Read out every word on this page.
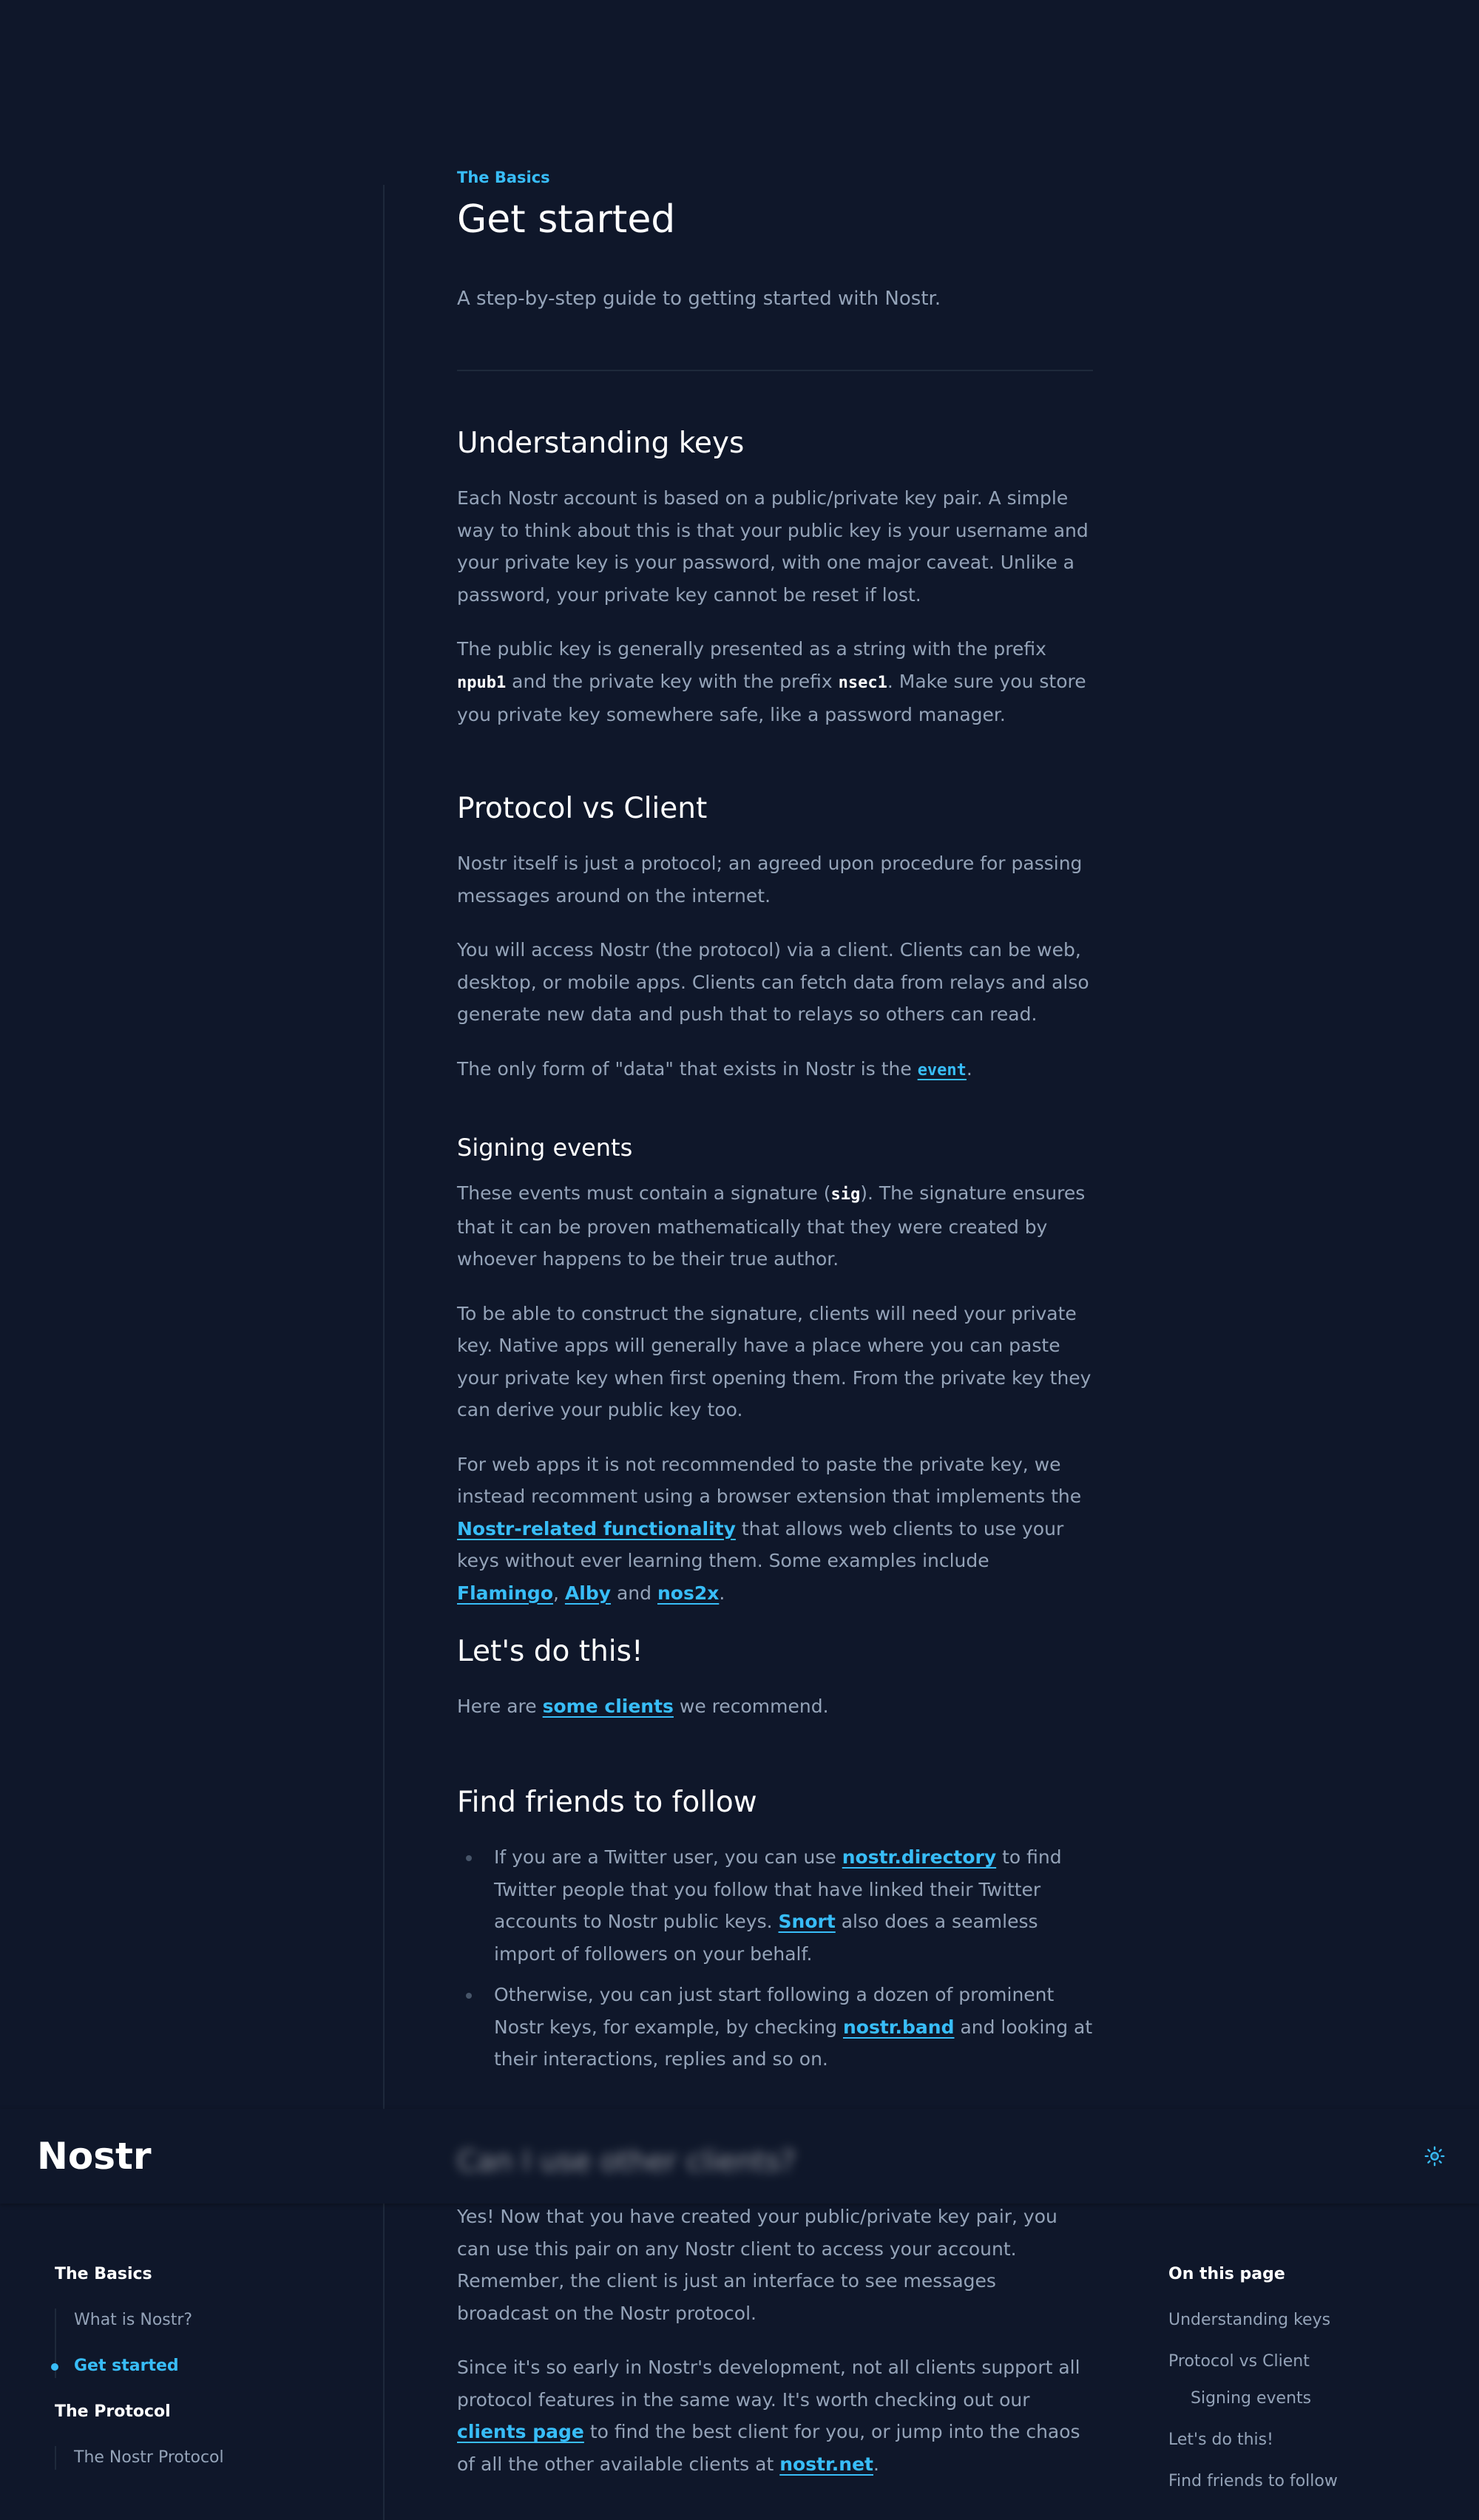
The Basics

Get started

A step-by-step guide to getting started with Nostr.

Understanding keys

Each Nostr account is based on a public/private key pair. A simple way to think about this is that your public key is your username and your private key is your password, with one major caveat. Unlike a password, your private key cannot be reset if lost.

The public key is generally presented as a string with the prefix npub1 and the private key with the prefix nsec1. Make sure you store you private key somewhere safe, like a password manager.

Protocol vs Client

Nostr itself is just a protocol; an agreed upon procedure for passing messages around on the internet.

You will access Nostr (the protocol) via a client. Clients can be web, desktop, or mobile apps. Clients can fetch data from relays and also generate new data and push that to relays so others can read.

The only form of "data" that exists in Nostr is the event.

Signing events

These events must contain a signature (sig). The signature ensures that it can be proven mathematically that they were created by whoever happens to be their true author.

To be able to construct the signature, clients will need your private key. Native apps will generally have a place where you can paste your private key when first opening them. From the private key they can derive your public key too.

For web apps it is not recommended to paste the private key, we instead recomment using a browser extension that implements the Nostr-related functionality that allows web clients to use your keys without ever learning them. Some examples include Flamingo, Alby and nos2x.

Let's do this!

Here are some clients we recommend.

Find friends to follow
If you are a Twitter user, you can use nostr.directory to find Twitter people that you follow that have linked their Twitter accounts to Nostr public keys. Snort also does a seamless import of followers on your behalf.
Otherwise, you can just start following a dozen of prominent Nostr keys, for example, by checking nostr.band and looking at their interactions, replies and so on.

Yes! Now that you have created your public/private key pair, you can use this pair on any Nostr client to access your account. Remember, the client is just an interface to see messages broadcast on the Nostr protocol.

Since it's so early in Nostr's development, not all clients support all protocol features in the same way. It's worth checking out our clients page to find the best client for you, or jump into the chaos of all the other available clients at nostr.net.

Nostr	Can I use other clients?
The Basics
What is Nostr?
Get started
The Protocol
The Nostr Protocol
On this page
Understanding keys
Protocol vs Client
Signing events
Let's do this!
Find friends to follow
